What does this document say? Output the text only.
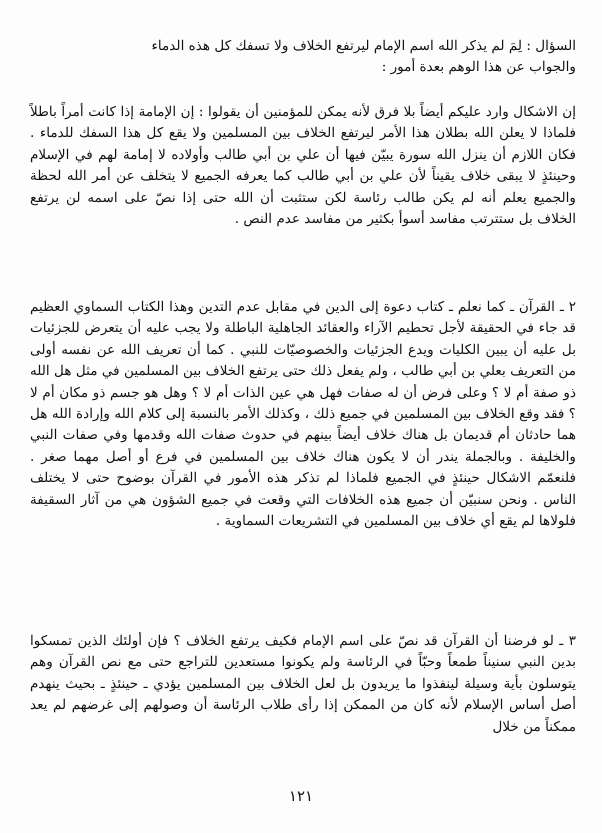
السؤال : لِمَ لم يذكر الله اسم الإمام ليرتفع الخلاف ولا تسفك كل هذه الدماء

والجواب عن هذا الوهم بعدة أمور :

إن الاشكال وارد عليكم أيضاً بلا فرق لأنه يمكن للمؤمنين أن يقولوا : إن الإمامة إذا كانت أمراً باطلاً فلماذا لا يعلن الله بطلان هذا الأمر ليرتفع الخلاف بين المسلمين ولا يقع كل هذا السفك للدماء . فكان اللازم أن ينزل الله سورة يبيّن فيها أن علي بن أبي طالب وأولاده لا إمامة لهم في الإسلام وحينئذٍ لا يبقى خلاف يقيناً لأن علي بن أبي طالب كما يعرفه الجميع لا يتخلف عن أمر الله لحظة والجميع يعلم أنه لم يكن طالب رئاسة لكن ستثبت أن الله حتى إذا نصّ على اسمه لن يرتفع الخلاف بل ستترتب مفاسد أسوأ بكثير من مفاسد عدم النص .

٢ ـ القرآن ـ كما نعلم ـ كتاب دعوة إلى الدين في مقابل عدم التدين وهذا الكتاب السماوي العظيم قد جاء في الحقيقة لأجل تحطيم الآراء والعقائد الجاهلية الباطلة ولا يجب عليه أن يتعرض للجزئيات بل عليه أن يبين الكليات ويدع الجزئيات والخصوصيّات للنبي . كما أن تعريف الله عن نفسه أولى من التعريف بعلي بن أبي طالب ، ولم يفعل ذلك حتى يرتفع الخلاف بين المسلمين في مثل هل الله ذو صفة أم لا ؟ وعلى فرض أن له صفات فهل هي عين الذات أم لا ؟ وهل هو جسم ذو مكان أم لا ؟ فقد وقع الخلاف بين المسلمين في جميع ذلك ، وكذلك الأمر بالنسبة إلى كلام الله وإرادة الله هل هما حادثان أم قديمان بل هناك خلاف أيضاً بينهم في حدوث صفات الله وقدمها وفي صفات النبي والخليفة . وبالجملة يندر أن لا يكون هناك خلاف بين المسلمين في فرع أو أصل مهما صغر . فلنعمّم الاشكال حينئذٍ في الجميع فلماذا لم تذكر هذه الأمور في القرآن بوضوح حتى لا يختلف الناس . ونحن سنبيّن أن جميع هذه الخلافات التي وقعت في جميع الشؤون هي من آثار السقيفة فلولاها لم يقع أي خلاف بين المسلمين في التشريعات السماوية .

٣ ـ لو فرضنا أن القرآن قد نصّ على اسم الإمام فكيف يرتفع الخلاف ؟ فإن أولئك الذين تمسكوا بدين النبي سنيناً طمعاً وحبّاً في الرئاسة ولم يكونوا مستعدين للتراجع حتى مع نص القرآن وهم يتوسلون بأية وسيلة لينفذوا ما يريدون بل لعل الخلاف بين المسلمين يؤدي ـ حينئذٍ ـ بحيث ينهدم أصل أساس الإسلام لأنه كان من الممكن إذا رأى طلاب الرئاسة أن وصولهم إلى غرضهم لم يعد ممكناً من خلال

١٢١
